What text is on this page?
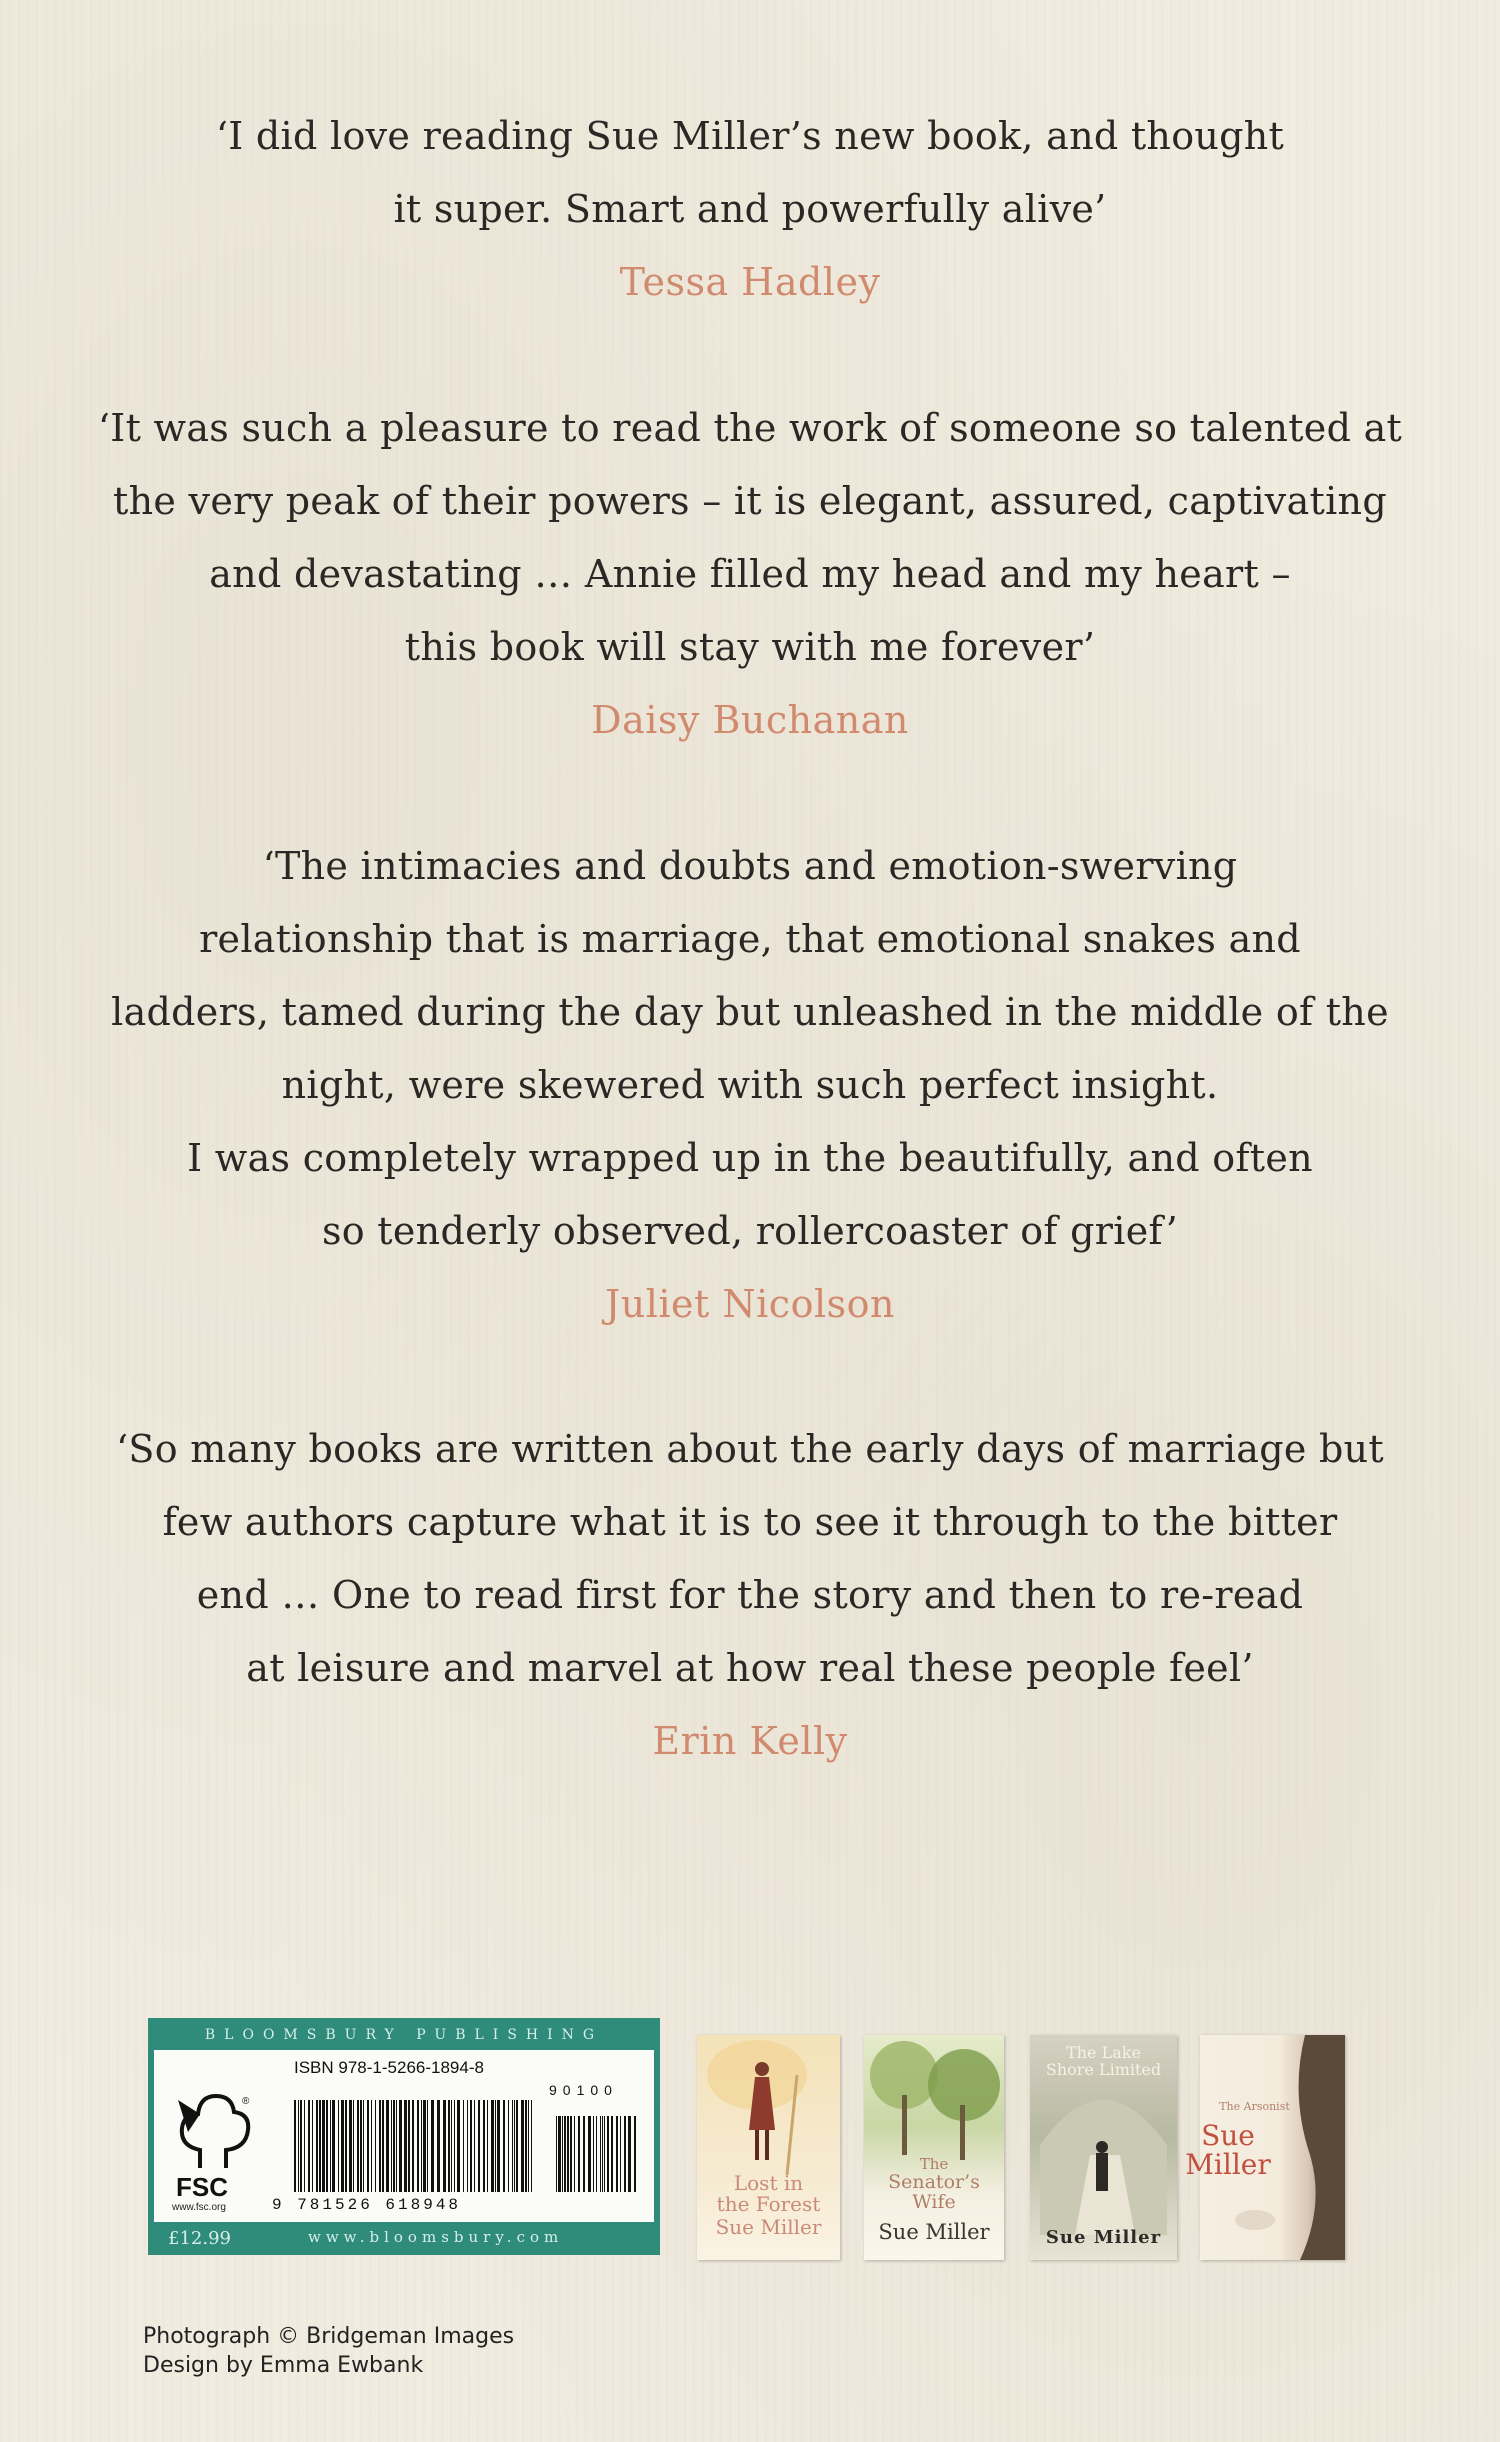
‘I did love reading Sue Miller’s new book, and thought
it super. Smart and powerfully alive’
Tessa Hadley
‘It was such a pleasure to read the work of someone so talented at
the very peak of their powers – it is elegant, assured, captivating
and devastating … Annie filled my head and my heart –
this book will stay with me forever’
Daisy Buchanan
‘The intimacies and doubts and emotion-swerving
relationship that is marriage, that emotional snakes and
ladders, tamed during the day but unleashed in the middle of the
night, were skewered with such perfect insight.
I was completely wrapped up in the beautifully, and often
so tenderly observed, rollercoaster of grief’
Juliet Nicolson
‘So many books are written about the early days of marriage but
few authors capture what it is to see it through to the bitter
end … One to read first for the story and then to re-read
at leisure and marvel at how real these people feel’
Erin Kelly
BLOOMSBURY PUBLISHING
®
FSC
www.fsc.org
ISBN 978-1-5266-1894-8
90100
9 781526 618948
£12.99	www.bloomsbury.com
Lost in
the Forest
Sue Miller
The
Senator’s
Wife
Sue Miller
The Lake
Shore Limited
Sue Miller
The Arsonist
Sue Miller
Photograph © Bridgeman Images
Design by Emma Ewbank
